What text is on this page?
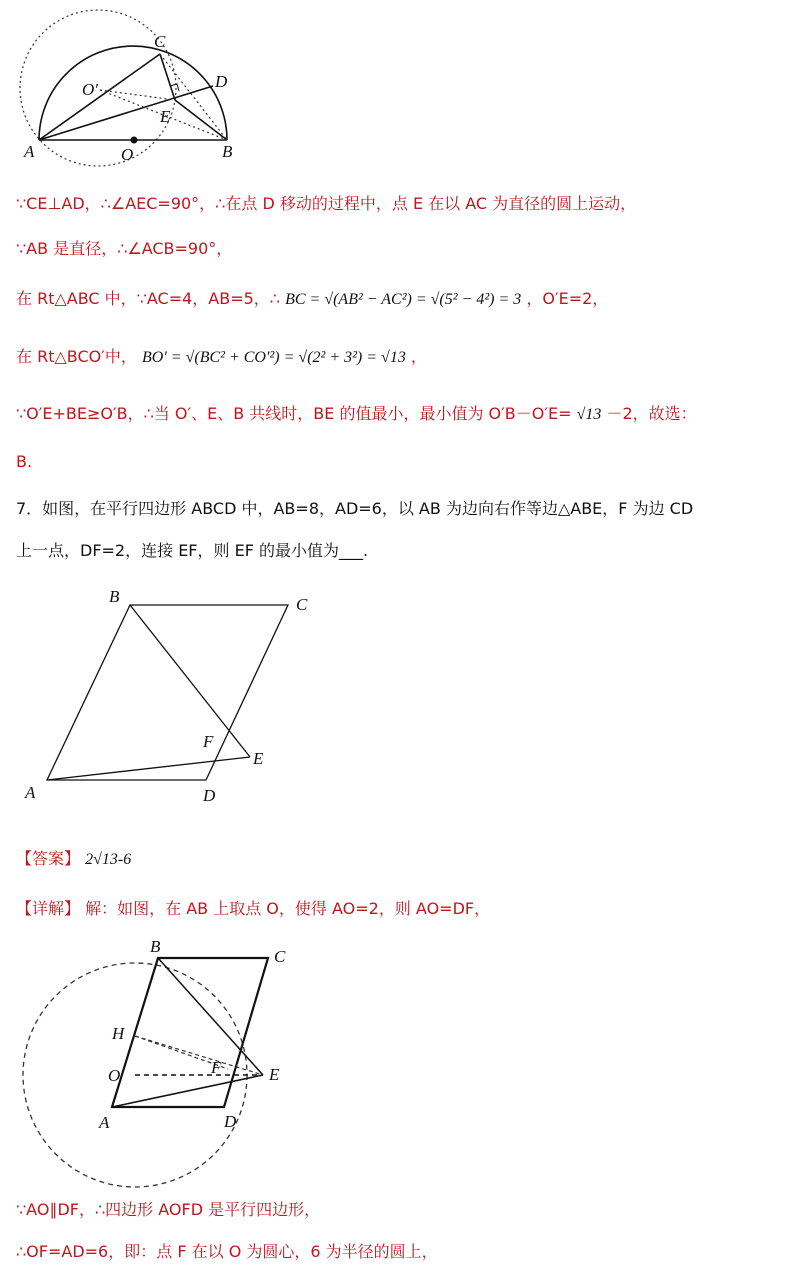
A	O	B
C
D
E
O′
∵CE⊥AD，∴∠AEC=90°，∴在点 D 移动的过程中，点 E 在以 AC 为直径的圆上运动，
∵AB 是直径，∴∠ACB=90°，
在 Rt△ABC 中，∵AC=4，AB=5，∴ BC = √(AB² − AC²) = √(5² − 4²) = 3 ，O′E=2，
在 Rt△BCO′中， BO′ = √(BC² + CO′²) = √(2² + 3²) = √13 ，
∵O′E+BE≥O′B，∴当 O′、E、B 共线时，BE 的值最小，最小值为 O′B－O′E= √13 －2，故选：
B.
7．如图，在平行四边形 ABCD 中，AB=8，AD=6，以 AB 为边向右作等边△ABE，F 为边 CD
上一点，DF=2，连接 EF，则 EF 的最小值为___.
A
B	C
D
E
F
【答案】 2√13-6
【详解】 解：如图，在 AB 上取点 O，使得 AO=2，则 AO=DF，
A
B
C
D
E
F
H
O
∵AO∥DF，∴四边形 AOFD 是平行四边形，
∴OF=AD=6，即：点 F 在以 O 为圆心，6 为半径的圆上，
